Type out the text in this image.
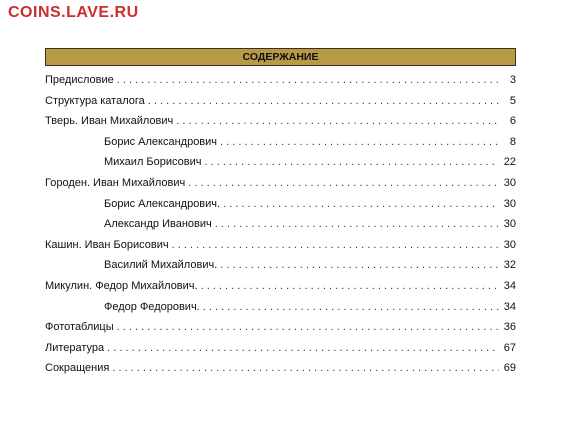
COINS.LAVE.RU
СОДЕРЖАНИЕ
Предисловие . . .	3
Структура каталога . . .	5
Тверь. Иван Михайлович . . .	6
Борис Александрович . . .	8
Михаил Борисович . . .	22
Городен. Иван Михайлович . . .	30
Борис Александрович. . . .	30
Александр Иванович . . .	30
Кашин. Иван Борисович . . .	30
Василий Михайлович. . . .	32
Микулин. Федор Михайлович. . . .	34
Федор Федорович. . . .	34
Фототаблицы . . .	36
Литература . . .	67
Сокращения . . .	69
